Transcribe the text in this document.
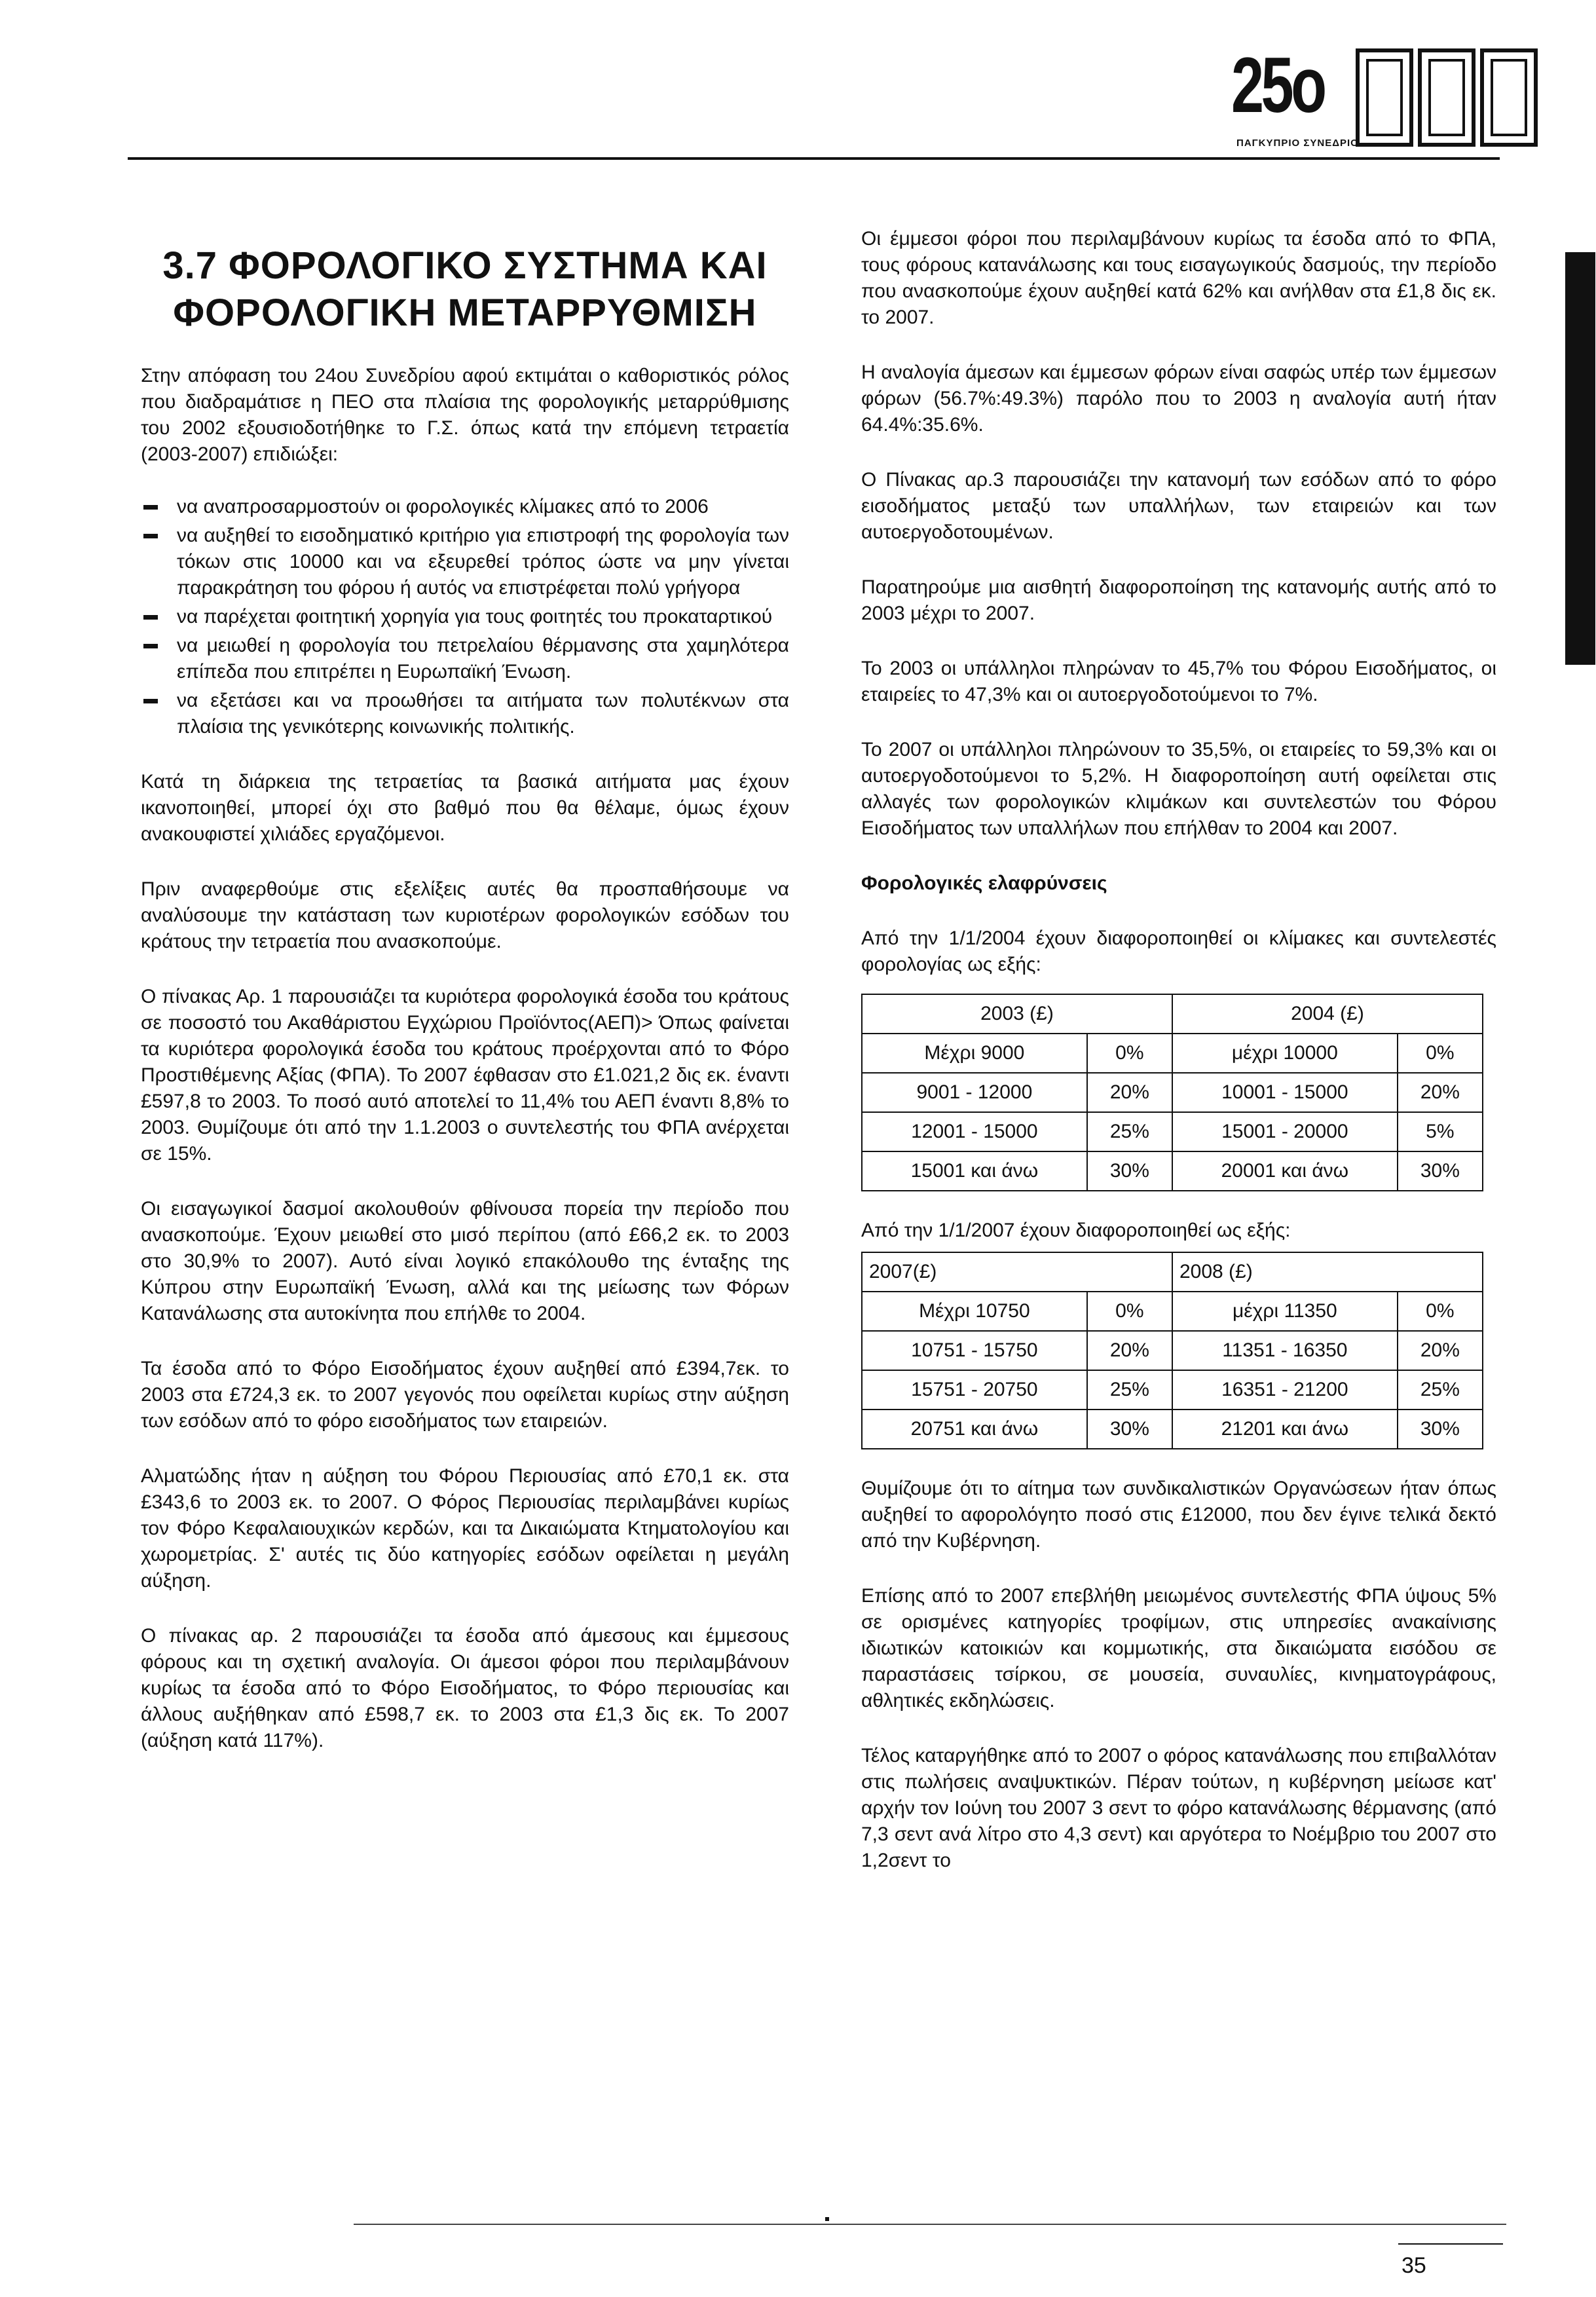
25ο
ΠΑΓΚΥΠΡΙΟ ΣΥΝΕΔΡΙΟ
3.7 ΦΟΡΟΛΟΓΙΚΟ ΣΥΣΤΗΜΑ ΚΑΙ ΦΟΡΟΛΟΓΙΚΗ ΜΕΤΑΡΡΥΘΜΙΣΗ

Στην απόφαση του 24ου Συνεδρίου αφού εκτιμάται ο καθοριστικός ρόλος που διαδραμάτισε η ΠΕΟ στα πλαίσια της φορολογικής μεταρρύθμισης του 2002 εξουσιοδοτήθηκε το Γ.Σ. όπως κατά την επόμενη τετραετία (2003-2007) επιδιώξει:

να αναπροσαρμοστούν οι φορολογικές κλίμακες από το 2006
να αυξηθεί το εισοδηματικό κριτήριο για επιστροφή της φορολογία των τόκων στις 10000 και να εξευρεθεί τρόπος ώστε να μην γίνεται παρακράτηση του φόρου ή αυτός να επιστρέφεται πολύ γρήγορα
να παρέχεται φοιτητική χορηγία για τους φοιτητές του προκαταρτικού
να μειωθεί η φορολογία του πετρελαίου θέρμανσης στα χαμηλότερα επίπεδα που επιτρέπει η Ευρωπαϊκή Ένωση.
να εξετάσει και να προωθήσει τα αιτήματα των πολυτέκνων στα πλαίσια της γενικότερης κοινωνικής πολιτικής.

Κατά τη διάρκεια της τετραετίας τα βασικά αιτήματα μας έχουν ικανοποιηθεί, μπορεί όχι στο βαθμό που θα θέλαμε, όμως έχουν ανακουφιστεί χιλιάδες εργαζόμενοι.

Πριν αναφερθούμε στις εξελίξεις αυτές θα προσπαθήσουμε να αναλύσουμε την κατάσταση των κυριοτέρων φορολογικών εσόδων του κράτους την τετραετία που ανασκοπούμε.

Ο πίνακας Αρ. 1 παρουσιάζει τα κυριότερα φορολογικά έσοδα του κράτους σε ποσοστό του Ακαθάριστου Εγχώριου Προϊόντος(ΑΕΠ)> Όπως φαίνεται τα κυριότερα φορολογικά έσοδα του κράτους προέρχονται από το Φόρο Προστιθέμενης Αξίας (ΦΠΑ). Το 2007 έφθασαν στο £1.021,2 δις εκ. έναντι £597,8 το 2003. Το ποσό αυτό αποτελεί το 11,4% του ΑΕΠ έναντι 8,8% το 2003. Θυμίζουμε ότι από την 1.1.2003 ο συντελεστής του ΦΠΑ ανέρχεται σε 15%.

Οι εισαγωγικοί δασμοί ακολουθούν φθίνουσα πορεία την περίοδο που ανασκοπούμε. Έχουν μειωθεί στο μισό περίπου (από £66,2 εκ. το 2003 στο 30,9% το 2007). Αυτό είναι λογικό επακόλουθο της ένταξης της Κύπρου στην Ευρωπαϊκή Ένωση, αλλά και της μείωσης των Φόρων Κατανάλωσης στα αυτοκίνητα που επήλθε το 2004.

Τα έσοδα από το Φόρο Εισοδήματος έχουν αυξηθεί από £394,7εκ. το 2003 στα £724,3 εκ. το 2007 γεγονός που οφείλεται κυρίως στην αύξηση των εσόδων από το φόρο εισοδήματος των εταιρειών.

Αλματώδης ήταν η αύξηση του Φόρου Περιουσίας από £70,1 εκ. στα £343,6 το 2003 εκ. το 2007. Ο Φόρος Περιουσίας περιλαμβάνει κυρίως τον Φόρο Κεφαλαιουχικών κερδών, και τα Δικαιώματα Κτηματολογίου και χωρομετρίας. Σ' αυτές τις δύο κατηγορίες εσόδων οφείλεται η μεγάλη αύξηση.

Ο πίνακας αρ. 2 παρουσιάζει τα έσοδα από άμεσους και έμμεσους φόρους και τη σχετική αναλογία. Οι άμεσοι φόροι που περιλαμβάνουν κυρίως τα έσοδα από το Φόρο Εισοδήματος, το Φόρο περιουσίας και άλλους αυξήθηκαν από £598,7 εκ. το 2003 στα £1,3 δις εκ. Το 2007 (αύξηση κατά 117%).

Οι έμμεσοι φόροι που περιλαμβάνουν κυρίως τα έσοδα από το ΦΠΑ, τους φόρους κατανάλωσης και τους εισαγωγικούς δασμούς, την περίοδο που ανασκοπούμε έχουν αυξηθεί κατά 62% και ανήλθαν στα £1,8 δις εκ. το 2007.

Η αναλογία άμεσων και έμμεσων φόρων είναι σαφώς υπέρ των έμμεσων φόρων (56.7%:49.3%) παρόλο που το 2003 η αναλογία αυτή ήταν 64.4%:35.6%.

Ο Πίνακας αρ.3 παρουσιάζει την κατανομή των εσόδων από το φόρο εισοδήματος μεταξύ των υπαλλήλων, των εταιρειών και των αυτοεργοδοτουμένων.

Παρατηρούμε μια αισθητή διαφοροποίηση της κατανομής αυτής από το 2003 μέχρι το 2007.

Το 2003 οι υπάλληλοι πληρώναν το 45,7% του Φόρου Εισοδήματος, οι εταιρείες το 47,3% και οι αυτοεργοδοτούμενοι το 7%.

Το 2007 οι υπάλληλοι πληρώνουν το 35,5%, οι εταιρείες το 59,3% και οι αυτοεργοδοτούμενοι το 5,2%. Η διαφοροποίηση αυτή οφείλεται στις αλλαγές των φορολογικών κλιμάκων και συντελεστών του Φόρου Εισοδήματος των υπαλλήλων που επήλθαν το 2004 και 2007.

Φορολογικές ελαφρύνσεις

Από την 1/1/2004 έχουν διαφοροποιηθεί οι κλίμακες και συντελεστές φορολογίας ως εξής:

2003 (£)		2004 (£)	
Μέχρι 9000	0%	μέχρι 10000	0%
9001 - 12000	20%	10001 - 15000	20%
12001 - 15000	25%	15001 - 20000	5%
15001 και άνω	30%	20001 και άνω	30%

Από την 1/1/2007 έχουν διαφοροποιηθεί ως εξής:

2007(£)		2008 (£)	
Μέχρι 10750	0%	μέχρι 11350	0%
10751 - 15750	20%	11351 - 16350	20%
15751 - 20750	25%	16351 - 21200	25%
20751 και άνω	30%	21201 και άνω	30%

Θυμίζουμε ότι το αίτημα των συνδικαλιστικών Οργανώσεων ήταν όπως αυξηθεί το αφορολόγητο ποσό στις £12000, που δεν έγινε τελικά δεκτό από την Κυβέρνηση.

Επίσης από το 2007 επεβλήθη μειωμένος συντελεστής ΦΠΑ ύψους 5% σε ορισμένες κατηγορίες τροφίμων, στις υπηρεσίες ανακαίνισης ιδιωτικών κατοικιών και κομμωτικής, στα δικαιώματα εισόδου σε παραστάσεις τσίρκου, σε μουσεία, συναυλίες, κινηματογράφους, αθλητικές εκδηλώσεις.

Τέλος καταργήθηκε από το 2007 ο φόρος κατανάλωσης που επιβαλλόταν στις πωλήσεις αναψυκτικών. Πέραν τούτων, η κυβέρνηση μείωσε κατ' αρχήν τον Ιούνη του 2007 3 σεντ το φόρο κατανάλωσης θέρμανσης (από 7,3 σεντ ανά λίτρο στο 4,3 σεντ) και αργότερα το Νοέμβριο του 2007 στο 1,2σεντ το

35
